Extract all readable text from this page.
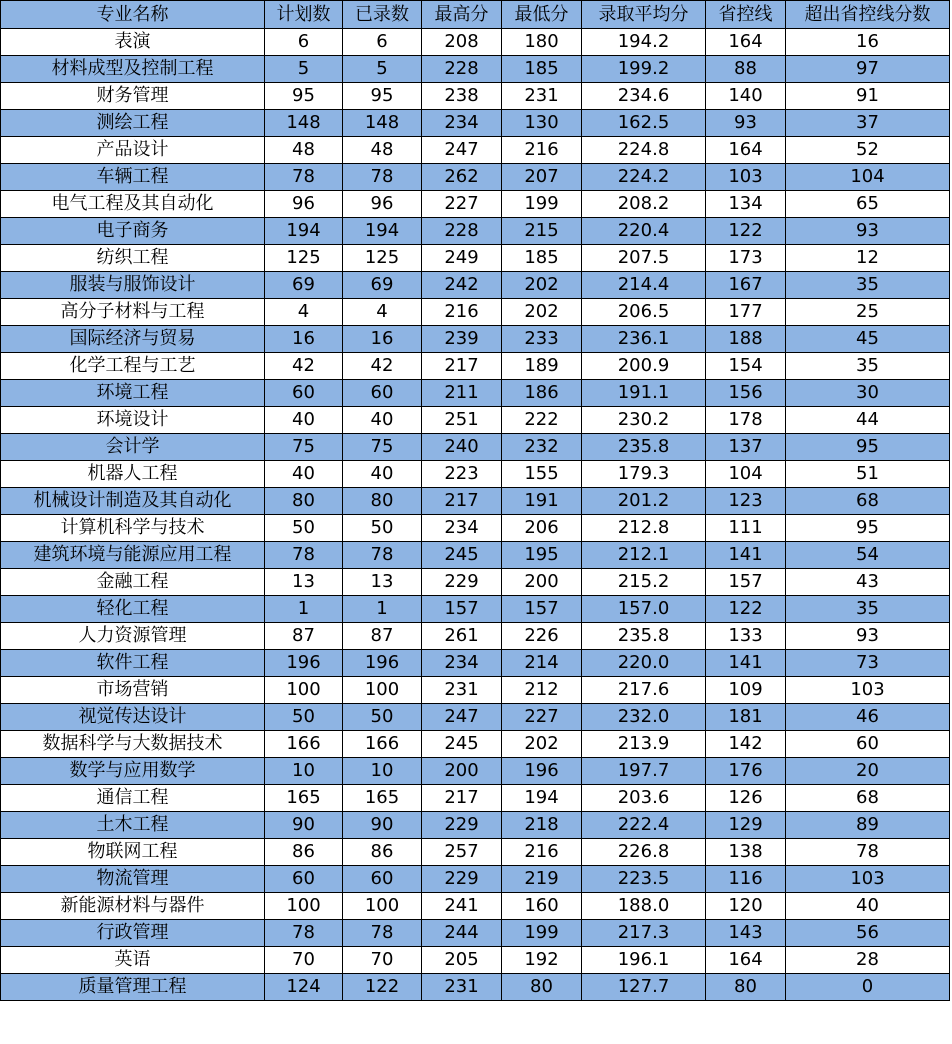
专业名称	计划数	已录数	最高分	最低分	录取平均分	省控线	超出省控线分数
表演	6	6	208	180	194.2	164	16
材料成型及控制工程	5	5	228	185	199.2	88	97
财务管理	95	95	238	231	234.6	140	91
测绘工程	148	148	234	130	162.5	93	37
产品设计	48	48	247	216	224.8	164	52
车辆工程	78	78	262	207	224.2	103	104
电气工程及其自动化	96	96	227	199	208.2	134	65
电子商务	194	194	228	215	220.4	122	93
纺织工程	125	125	249	185	207.5	173	12
服装与服饰设计	69	69	242	202	214.4	167	35
高分子材料与工程	4	4	216	202	206.5	177	25
国际经济与贸易	16	16	239	233	236.1	188	45
化学工程与工艺	42	42	217	189	200.9	154	35
环境工程	60	60	211	186	191.1	156	30
环境设计	40	40	251	222	230.2	178	44
会计学	75	75	240	232	235.8	137	95
机器人工程	40	40	223	155	179.3	104	51
机械设计制造及其自动化	80	80	217	191	201.2	123	68
计算机科学与技术	50	50	234	206	212.8	111	95
建筑环境与能源应用工程	78	78	245	195	212.1	141	54
金融工程	13	13	229	200	215.2	157	43
轻化工程	1	1	157	157	157.0	122	35
人力资源管理	87	87	261	226	235.8	133	93
软件工程	196	196	234	214	220.0	141	73
市场营销	100	100	231	212	217.6	109	103
视觉传达设计	50	50	247	227	232.0	181	46
数据科学与大数据技术	166	166	245	202	213.9	142	60
数学与应用数学	10	10	200	196	197.7	176	20
通信工程	165	165	217	194	203.6	126	68
土木工程	90	90	229	218	222.4	129	89
物联网工程	86	86	257	216	226.8	138	78
物流管理	60	60	229	219	223.5	116	103
新能源材料与器件	100	100	241	160	188.0	120	40
行政管理	78	78	244	199	217.3	143	56
英语	70	70	205	192	196.1	164	28
质量管理工程	124	122	231	80	127.7	80	0
